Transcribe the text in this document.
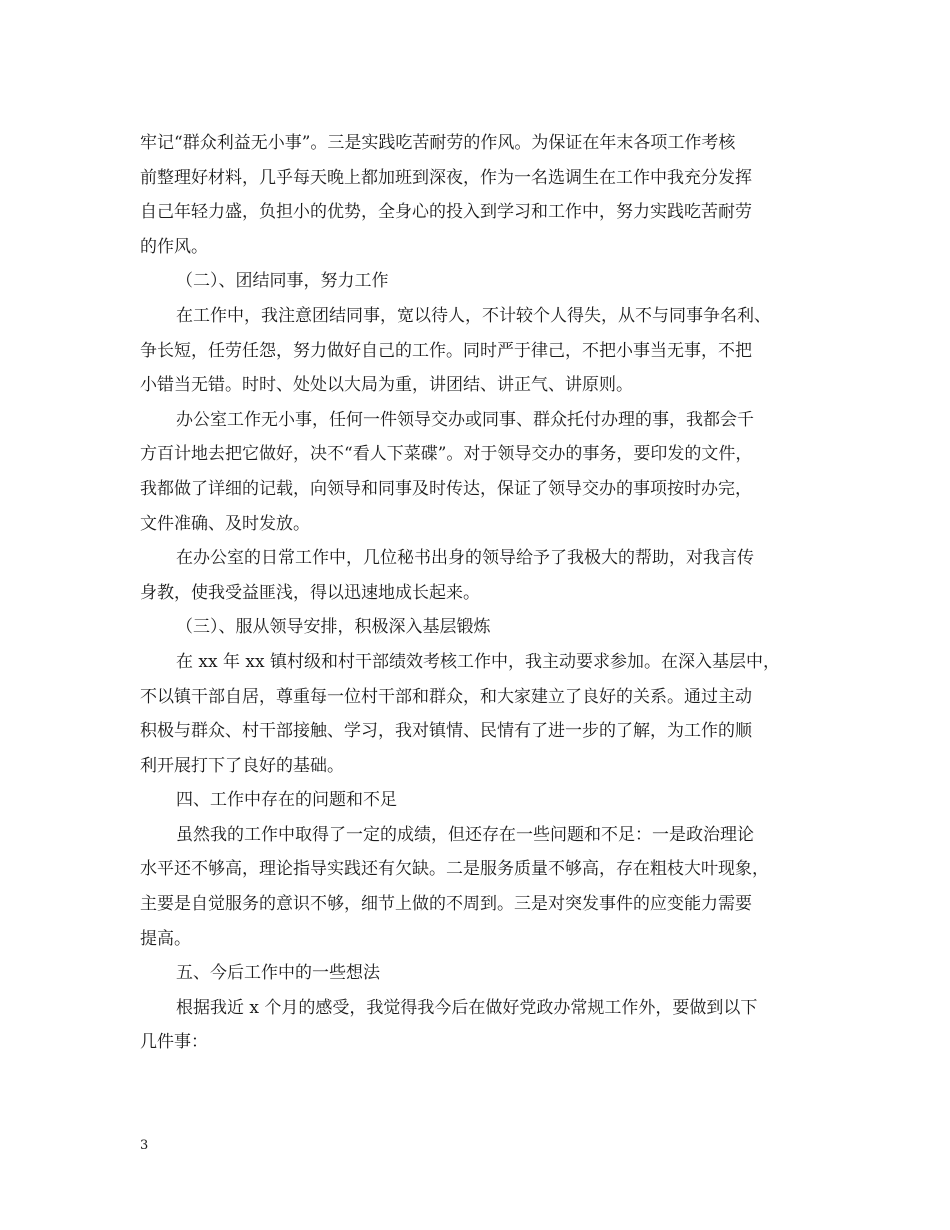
牢记“群众利益无小事”。三是实践吃苦耐劳的作风。为保证在年末各项工作考核
前整理好材料，几乎每天晚上都加班到深夜，作为一名选调生在工作中我充分发挥
自己年轻力盛，负担小的优势，全身心的投入到学习和工作中，努力实践吃苦耐劳
的作风。

（二）、团结同事，努力工作

在工作中，我注意团结同事，宽以待人，不计较个人得失，从不与同事争名利、
争长短，任劳任怨，努力做好自己的工作。同时严于律己，不把小事当无事，不把
小错当无错。时时、处处以大局为重，讲团结、讲正气、讲原则。

办公室工作无小事，任何一件领导交办或同事、群众托付办理的事，我都会千
方百计地去把它做好，决不“看人下菜碟”。对于领导交办的事务，要印发的文件，
我都做了详细的记载，向领导和同事及时传达，保证了领导交办的事项按时办完，
文件准确、及时发放。

在办公室的日常工作中，几位秘书出身的领导给予了我极大的帮助，对我言传
身教，使我受益匪浅，得以迅速地成长起来。

（三）、服从领导安排，积极深入基层锻炼

在 xx 年 xx 镇村级和村干部绩效考核工作中，我主动要求参加。在深入基层中，
不以镇干部自居，尊重每一位村干部和群众，和大家建立了良好的关系。通过主动
积极与群众、村干部接触、学习，我对镇情、民情有了进一步的了解，为工作的顺
利开展打下了良好的基础。

四、工作中存在的问题和不足

虽然我的工作中取得了一定的成绩，但还存在一些问题和不足：一是政治理论
水平还不够高，理论指导实践还有欠缺。二是服务质量不够高，存在粗枝大叶现象，
主要是自觉服务的意识不够，细节上做的不周到。三是对突发事件的应变能力需要
提高。

五、今后工作中的一些想法

根据我近 x 个月的感受，我觉得我今后在做好党政办常规工作外，要做到以下
几件事：

3
